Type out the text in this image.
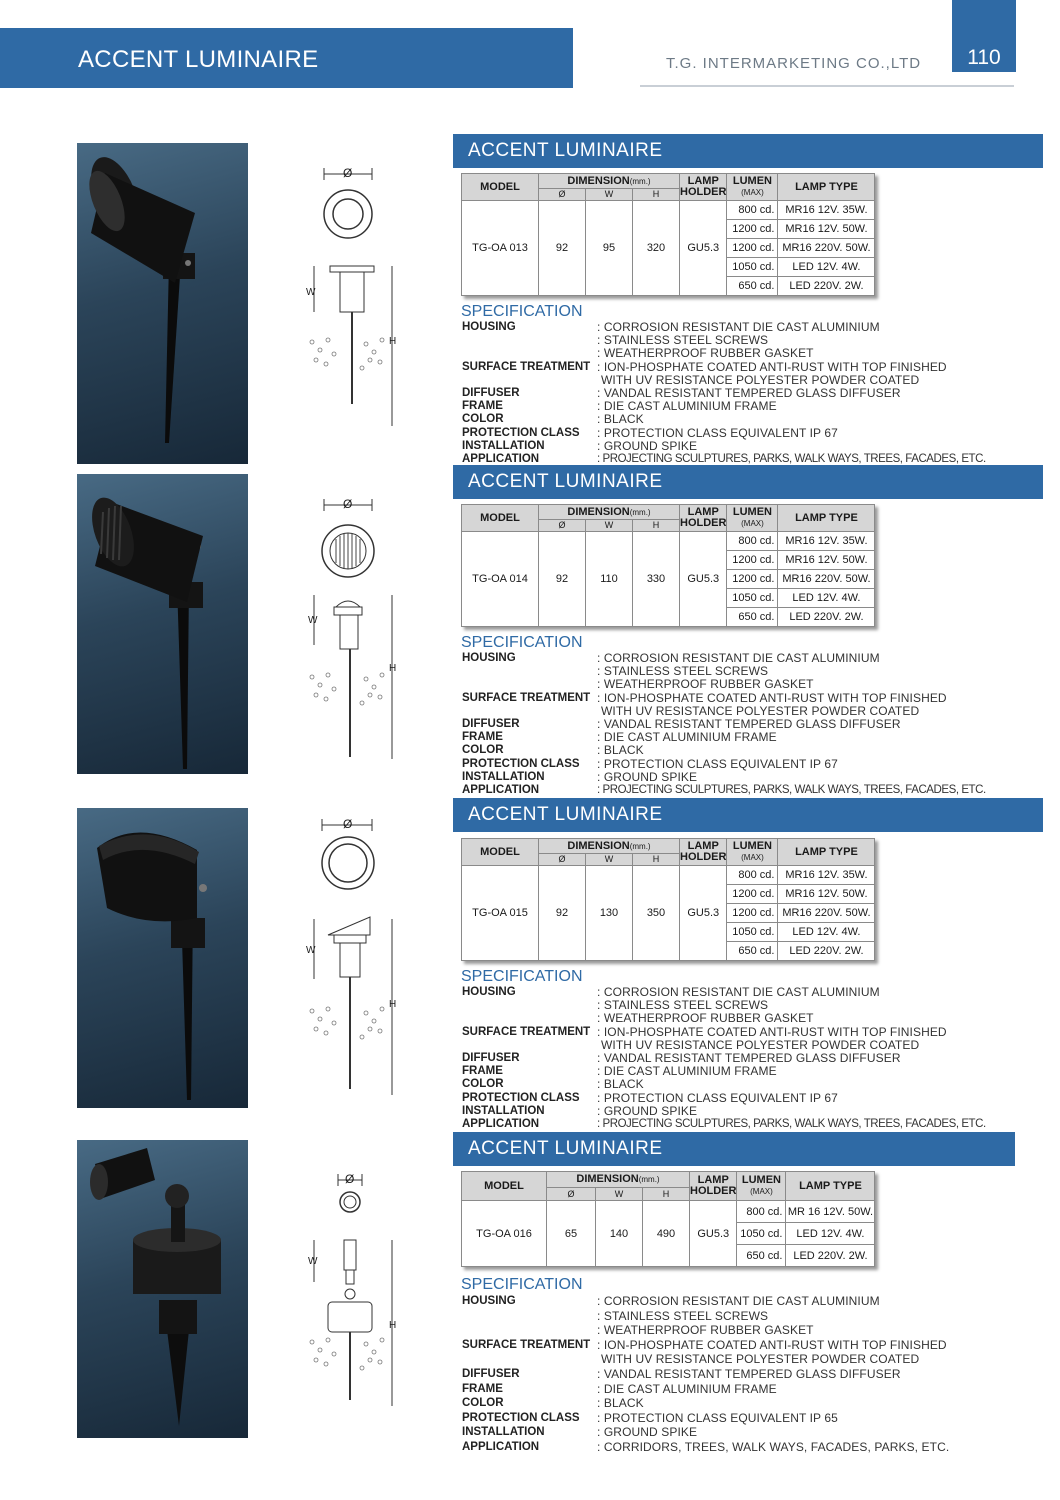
ACCENT LUMINAIRE	T.G. INTERMARKETING CO.,LTD	110
Ø
W
H
ACCENT LUMINAIRE
MODEL	DIMENSION(mm.)			LAMP
HOLDER	LUMEN
(MAX)	LAMP TYPE
	Ø	W	H			
TG-OA 013	92	95	320	GU5.3	800 cd.	MR16 12V. 35W.
					1200 cd.	MR16 12V. 50W.
					1200 cd.	MR16 220V. 50W.
					1050 cd.	LED 12V. 4W.
					650 cd.	LED 220V. 2W.
SPECIFICATION
HOUSING	: CORROSION RESISTANT DIE CAST ALUMINIUM
: STAINLESS STEEL SCREWS
: WEATHERPROOF RUBBER GASKET
SURFACE TREATMENT : ION-PHOSPHATE COATED ANTI-RUST WITH TOP FINISHED
WITH UV RESISTANCE POLYESTER POWDER COATED
DIFFUSER	: VANDAL RESISTANT TEMPERED GLASS DIFFUSER
FRAME	: DIE CAST ALUMINIUM FRAME
COLOR	: BLACK
PROTECTION CLASS	: PROTECTION CLASS EQUIVALENT IP 67
INSTALLATION	: GROUND SPIKE
APPLICATION	: PROJECTING SCULPTURES, PARKS, WALK WAYS, TREES, FACADES, ETC.
Ø
W
H
ACCENT LUMINAIRE
MODEL	DIMENSION(mm.)			LAMP
HOLDER	LUMEN
(MAX)	LAMP TYPE
	Ø	W	H			
TG-OA 014	92	110	330	GU5.3	800 cd.	MR16 12V. 35W.
					1200 cd.	MR16 12V. 50W.
					1200 cd.	MR16 220V. 50W.
					1050 cd.	LED 12V. 4W.
					650 cd.	LED 220V. 2W.
SPECIFICATION
HOUSING	: CORROSION RESISTANT DIE CAST ALUMINIUM
: STAINLESS STEEL SCREWS
: WEATHERPROOF RUBBER GASKET
SURFACE TREATMENT : ION-PHOSPHATE COATED ANTI-RUST WITH TOP FINISHED
WITH UV RESISTANCE POLYESTER POWDER COATED
DIFFUSER	: VANDAL RESISTANT TEMPERED GLASS DIFFUSER
FRAME	: DIE CAST ALUMINIUM FRAME
COLOR	: BLACK
PROTECTION CLASS	: PROTECTION CLASS EQUIVALENT IP 67
INSTALLATION	: GROUND SPIKE
APPLICATION	: PROJECTING SCULPTURES, PARKS, WALK WAYS, TREES, FACADES, ETC.
Ø
W
H
ACCENT LUMINAIRE
MODEL	DIMENSION(mm.)			LAMP
HOLDER	LUMEN
(MAX)	LAMP TYPE
	Ø	W	H			
TG-OA 015	92	130	350	GU5.3	800 cd.	MR16 12V. 35W.
					1200 cd.	MR16 12V. 50W.
					1200 cd.	MR16 220V. 50W.
					1050 cd.	LED 12V. 4W.
					650 cd.	LED 220V. 2W.
SPECIFICATION
HOUSING	: CORROSION RESISTANT DIE CAST ALUMINIUM
: STAINLESS STEEL SCREWS
: WEATHERPROOF RUBBER GASKET
SURFACE TREATMENT : ION-PHOSPHATE COATED ANTI-RUST WITH TOP FINISHED
WITH UV RESISTANCE POLYESTER POWDER COATED
DIFFUSER	: VANDAL RESISTANT TEMPERED GLASS DIFFUSER
FRAME	: DIE CAST ALUMINIUM FRAME
COLOR	: BLACK
PROTECTION CLASS	: PROTECTION CLASS EQUIVALENT IP 67
INSTALLATION	: GROUND SPIKE
APPLICATION	: PROJECTING SCULPTURES, PARKS, WALK WAYS, TREES, FACADES, ETC.
Ø
W
H
ACCENT LUMINAIRE
MODEL	DIMENSION(mm.)			LAMP
HOLDER	LUMEN
(MAX)	LAMP TYPE
	Ø	W	H			
TG-OA 016	65	140	490	GU5.3	800 cd.	MR 16 12V. 50W.
					1050 cd.	LED 12V. 4W.
					650 cd.	LED 220V. 2W.
SPECIFICATION
HOUSING	: CORROSION RESISTANT DIE CAST ALUMINIUM
: STAINLESS STEEL SCREWS
: WEATHERPROOF RUBBER GASKET
SURFACE TREATMENT : ION-PHOSPHATE COATED ANTI-RUST WITH TOP FINISHED
WITH UV RESISTANCE POLYESTER POWDER COATED
DIFFUSER	: VANDAL RESISTANT TEMPERED GLASS DIFFUSER
FRAME	: DIE CAST ALUMINIUM FRAME
COLOR	: BLACK
PROTECTION CLASS	: PROTECTION CLASS EQUIVALENT IP 65
INSTALLATION	: GROUND SPIKE
APPLICATION	: CORRIDORS, TREES, WALK WAYS, FACADES, PARKS, ETC.
